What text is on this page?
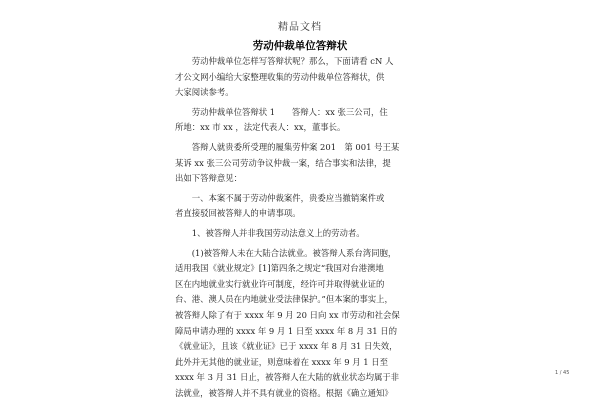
精品文档
劳动仲裁单位答辩状
　　劳动仲裁单位怎样写答辩状呢？那么，下面请看 cN 人
才公文网小编给大家整理收集的劳动仲裁单位答辩状，供
大家阅读参考。
　　劳动仲裁单位答辩状 1　　答辩人：xx 张三公司，住
所地：xx 市 xx ，法定代表人：xx，董事长。
　　答辩人就贵委所受理的履集劳仲案 201　第 001 号王某
某诉 xx 张三公司劳动争议仲裁一案，结合事实和法律，提
出如下答辩意见：
　　一、本案不属于劳动仲裁案件，贵委应当撤销案件或
者直接驳回被答辩人的申请事项。
　　1、被答辩人并非我国劳动法意义上的劳动者。
　　(1)被答辩人未在大陆合法就业。被答辩人系台湾同胞，
适用我国《就业规定》[1]第四条之规定“我国对台港澳地
区在内地就业实行就业许可制度，经许可并取得就业证的
台、港、澳人员在内地就业受法律保护。”但本案的事实上，
被答辩人除了有于 xxxx 年 9 月 20 日向 xx 市劳动和社会保
障局申请办理的 xxxx 年 9 月 1 日至 xxxx 年 8 月 31 日的
《就业证》，且该《就业证》已于 xxxx 年 8 月 31 日失效，
此外并无其他的就业证，则意味着在 xxxx 年 9 月 1 日至
xxxx 年 3 月 31 日止，被答辩人在大陆的就业状态均属于非
法就业，被答辩人并不具有就业的资格。根据《确立通知》
1 / 45
